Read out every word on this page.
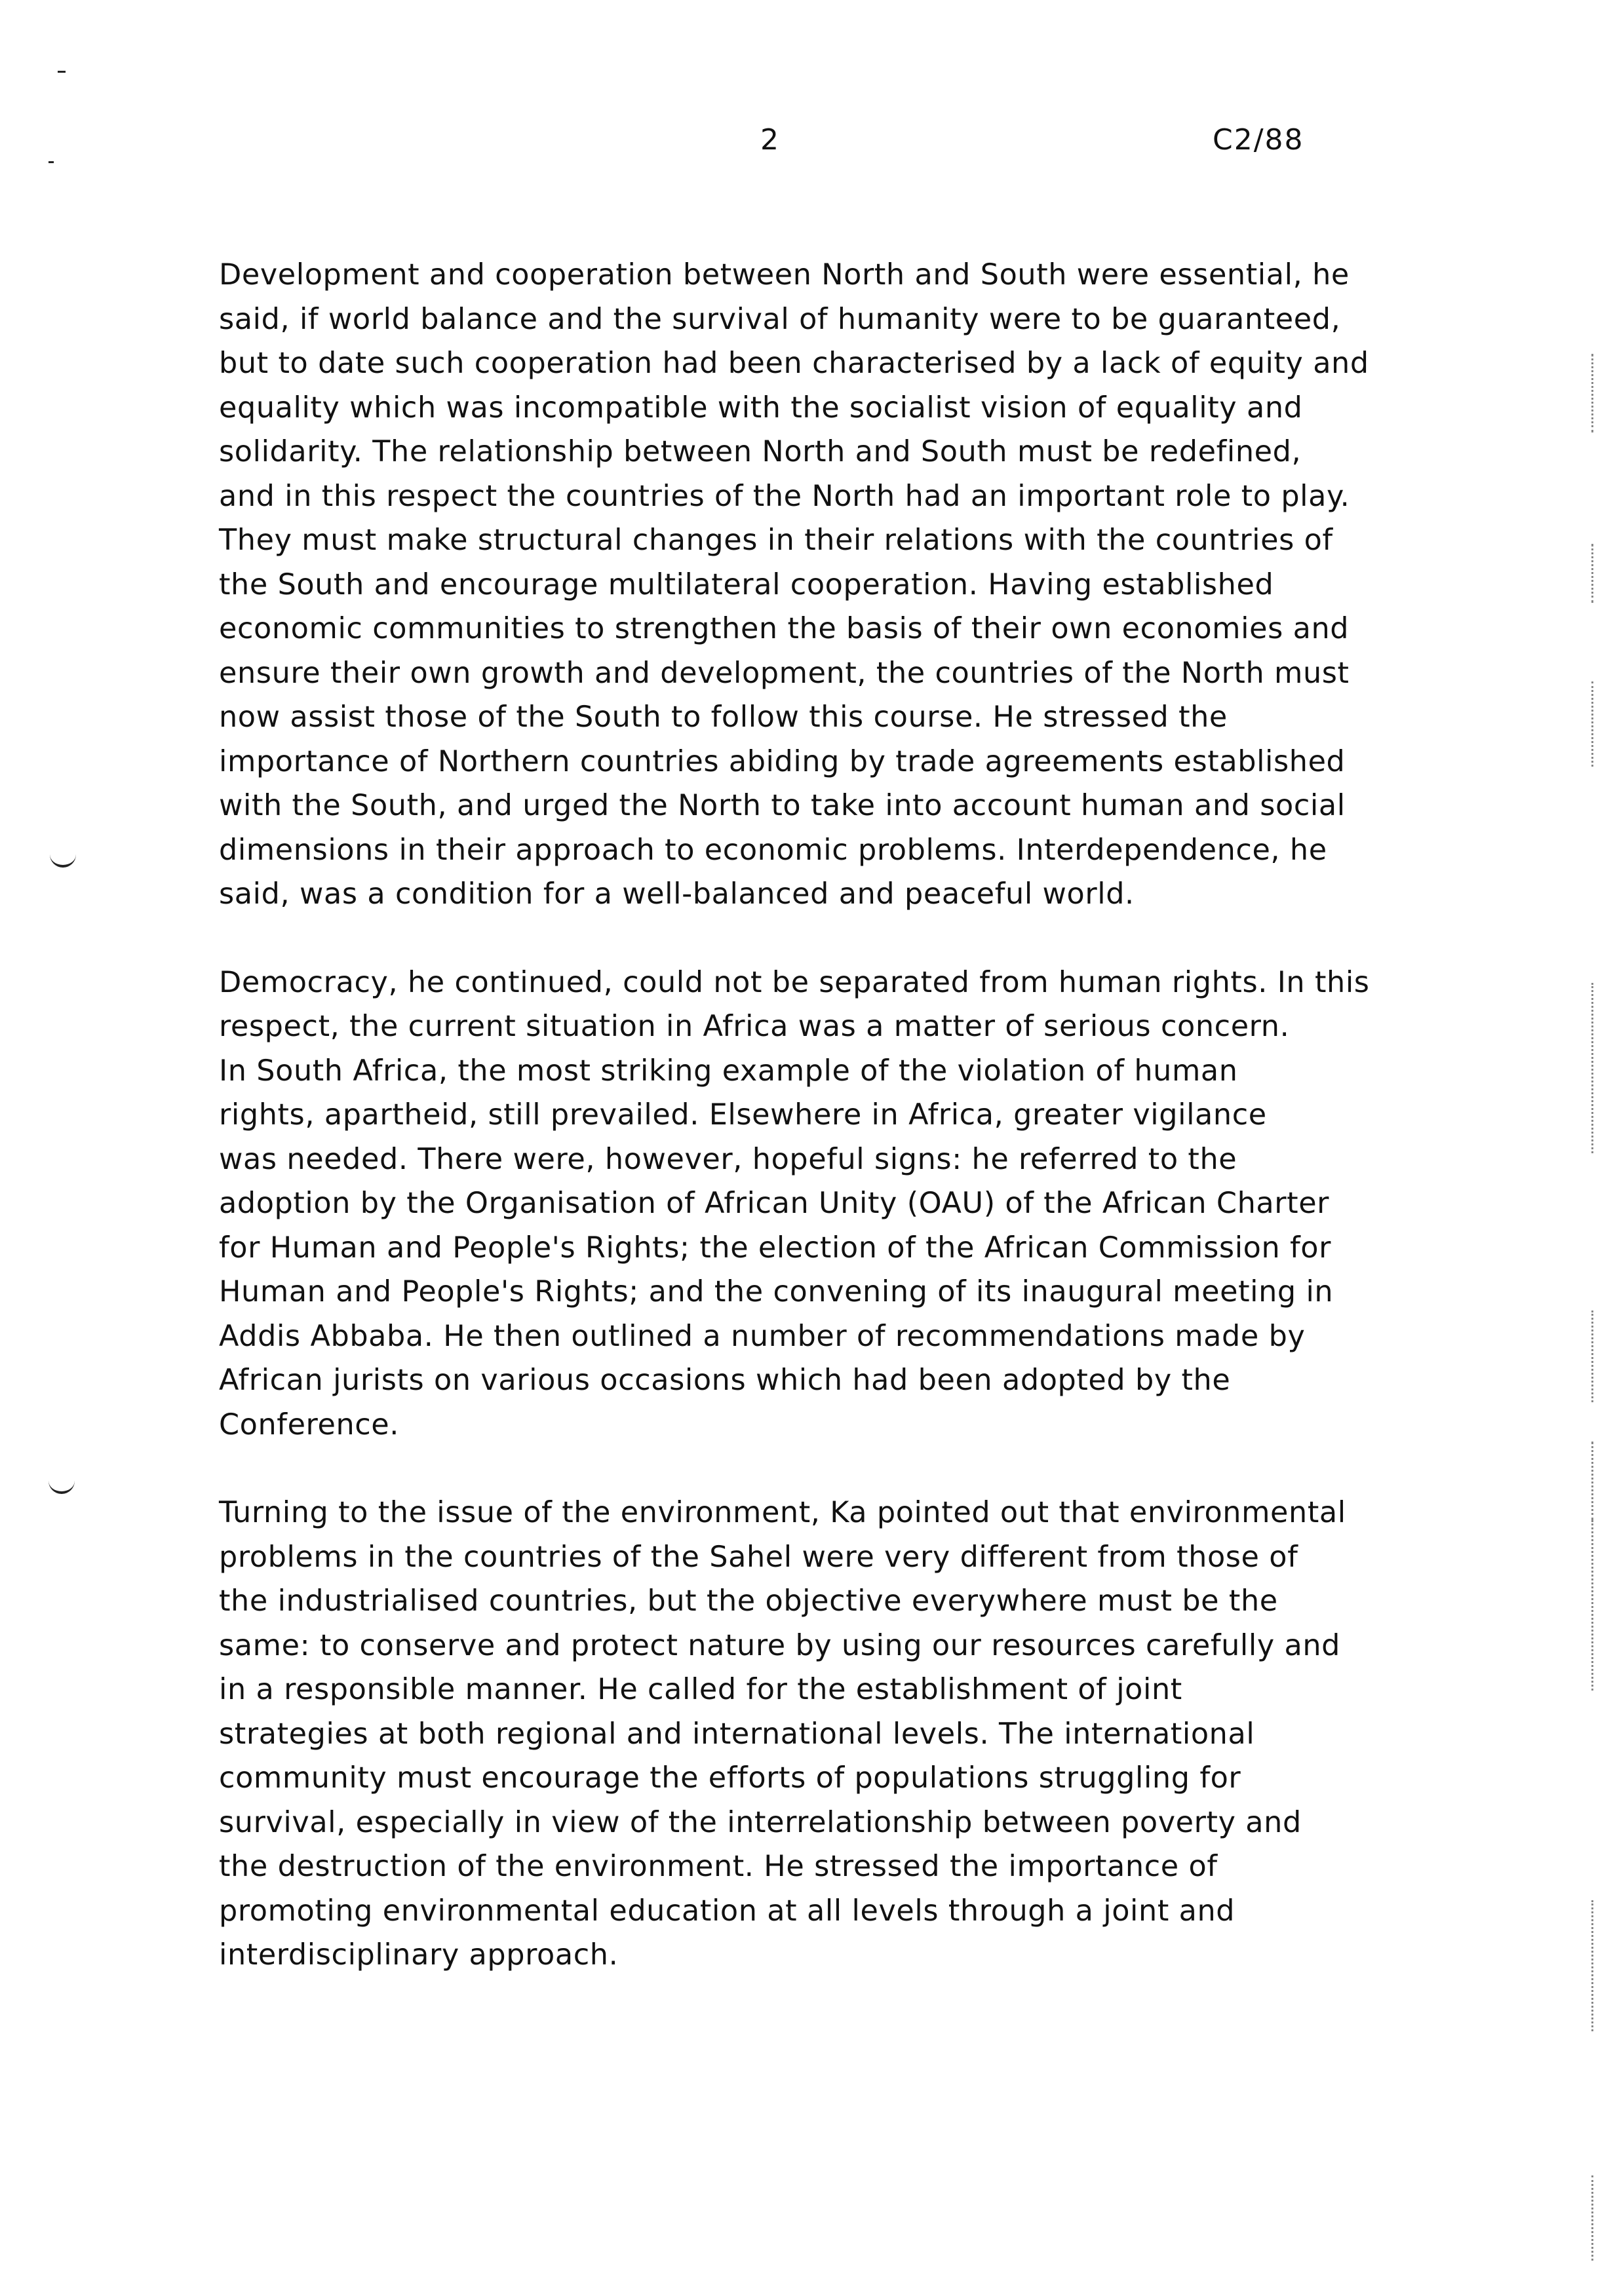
2	C2/88
Development and cooperation between North and South were essential, he
said, if world balance and the survival of humanity were to be guaranteed,
but to date such cooperation had been characterised by a lack of equity and
equality which was incompatible with the socialist vision of equality and
solidarity. The relationship between North and South must be redefined,
and in this respect the countries of the North had an important role to play.
They must make structural changes in their relations with the countries of
the South and encourage multilateral cooperation. Having established
economic communities to strengthen the basis of their own economies and
ensure their own growth and development, the countries of the North must
now assist those of the South to follow this course. He stressed the
importance of Northern countries abiding by trade agreements established
with the South, and urged the North to take into account human and social
dimensions in their approach to economic problems. Interdependence, he
said, was a condition for a well-balanced and peaceful world.
Democracy, he continued, could not be separated from human rights. In this
respect, the current situation in Africa was a matter of serious concern.
In South Africa, the most striking example of the violation of human
rights, apartheid, still prevailed. Elsewhere in Africa, greater vigilance
was needed. There were, however, hopeful signs: he referred to the
adoption by the Organisation of African Unity (OAU) of the African Charter
for Human and People's Rights; the election of the African Commission for
Human and People's Rights; and the convening of its inaugural meeting in
Addis Abbaba. He then outlined a number of recommendations made by
African jurists on various occasions which had been adopted by the
Conference.
Turning to the issue of the environment, Ka pointed out that environmental
problems in the countries of the Sahel were very different from those of
the industrialised countries, but the objective everywhere must be the
same: to conserve and protect nature by using our resources carefully and
in a responsible manner. He called for the establishment of joint
strategies at both regional and international levels. The international
community must encourage the efforts of populations struggling for
survival, especially in view of the interrelationship between poverty and
the destruction of the environment. He stressed the importance of
promoting environmental education at all levels through a joint and
interdisciplinary approach.
